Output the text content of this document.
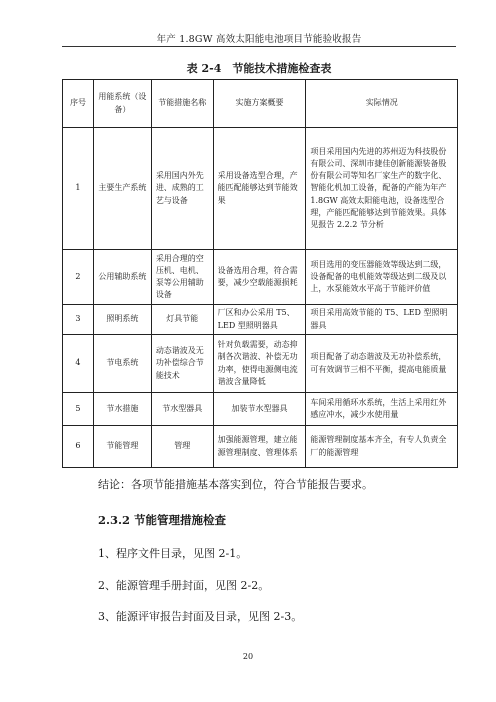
年产 1.8GW 高效太阳能电池项目节能验收报告
表 2-4　节能技术措施检查表
序号	用能系统（设备）	节能措施名称	实施方案概要	实际情况
1	主要生产系统	采用国内外先进、成熟的工艺与设备	采用设备选型合理，产能匹配能够达到节能效果	项目采用国内先进的苏州迈为科技股份有限公司、深圳市捷佳创新能源装备股份有限公司等知名厂家生产的数字化、智能化机加工设备，配备的产能为年产 1.8GW 高效太阳能电池，设备选型合理，产能匹配能够达到节能效果。具体见报告 2.2.2 节分析
2	公用辅助系统	采用合理的空压机、电机、泵等公用辅助设备	设备选用合理，符合需要，减少空载能源损耗	项目选用的变压器能效等级达到二级，设备配备的电机能效等级达到二级及以上，水泵能效水平高于节能评价值
3	照明系统	灯具节能	厂区和办公采用 T5、LED 型照明器具	项目采用高效节能的 T5、LED 型照明器具
4	节电系统	动态谐波及无功补偿综合节能技术	针对负载需要，动态抑制各次谐波、补偿无功功率，使得电源侧电流谐波含量降低	项目配备了动态谐波及无功补偿系统，可有效调节三相不平衡，提高电能质量
5	节水措施	节水型器具	加装节水型器具	车间采用循环水系统，生活上采用红外感应冲水，减少水使用量
6	节能管理	管理	加强能源管理，建立能源管理制度、管理体系	能源管理制度基本齐全，有专人负责全厂的能源管理
结论：各项节能措施基本落实到位，符合节能报告要求。
2.3.2 节能管理措施检查
1、程序文件目录，见图 2-1。
2、能源管理手册封面，见图 2-2。
3、能源评审报告封面及目录，见图 2-3。
20
